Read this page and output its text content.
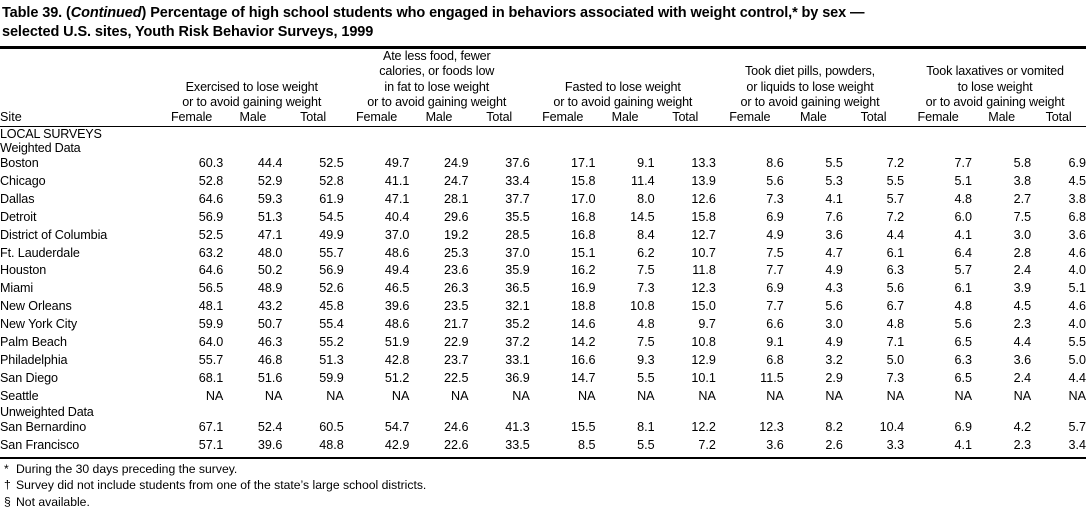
Table 39. (Continued) Percentage of high school students who engaged in behaviors associated with weight control,* by sex —
selected U.S. sites, Youth Risk Behavior Surveys, 1999

Exercised to lose weight
or to avoid gaining weight

Ate less food, fewer
calories, or foods low
in fat to lose weight
or to avoid gaining weight

Fasted to lose weight
or to avoid gaining weight

Took diet pills, powders,
or liquids to lose weight
or to avoid gaining weight

Took laxatives or vomited
to lose weight
or to avoid gaining weight

Site	Female	Male	Total	Female	Male	Total	Female	Male	Total	Female	Male	Total	Female	Male	Total

LOCAL SURVEYS															
Weighted Data															
Boston	60.3	44.4	52.5	49.7	24.9	37.6	17.1	9.1	13.3	8.6	5.5	7.2	7.7	5.8	6.9
Chicago	52.8	52.9	52.8	41.1	24.7	33.4	15.8	11.4	13.9	5.6	5.3	5.5	5.1	3.8	4.5
Dallas	64.6	59.3	61.9	47.1	28.1	37.7	17.0	8.0	12.6	7.3	4.1	5.7	4.8	2.7	3.8
Detroit	56.9	51.3	54.5	40.4	29.6	35.5	16.8	14.5	15.8	6.9	7.6	7.2	6.0	7.5	6.8
District of Columbia	52.5	47.1	49.9	37.0	19.2	28.5	16.8	8.4	12.7	4.9	3.6	4.4	4.1	3.0	3.6
Ft. Lauderdale	63.2	48.0	55.7	48.6	25.3	37.0	15.1	6.2	10.7	7.5	4.7	6.1	6.4	2.8	4.6
Houston	64.6	50.2	56.9	49.4	23.6	35.9	16.2	7.5	11.8	7.7	4.9	6.3	5.7	2.4	4.0
Miami	56.5	48.9	52.6	46.5	26.3	36.5	16.9	7.3	12.3	6.9	4.3	5.6	6.1	3.9	5.1
New Orleans	48.1	43.2	45.8	39.6	23.5	32.1	18.8	10.8	15.0	7.7	5.6	6.7	4.8	4.5	4.6
New York City	59.9	50.7	55.4	48.6	21.7	35.2	14.6	4.8	9.7	6.6	3.0	4.8	5.6	2.3	4.0
Palm Beach	64.0	46.3	55.2	51.9	22.9	37.2	14.2	7.5	10.8	9.1	4.9	7.1	6.5	4.4	5.5
Philadelphia	55.7	46.8	51.3	42.8	23.7	33.1	16.6	9.3	12.9	6.8	3.2	5.0	6.3	3.6	5.0
San Diego	68.1	51.6	59.9	51.2	22.5	36.9	14.7	5.5	10.1	11.5	2.9	7.3	6.5	2.4	4.4
Seattle	NA	NA	NA	NA	NA	NA	NA	NA	NA	NA	NA	NA	NA	NA	NA
Unweighted Data															
San Bernardino	67.1	52.4	60.5	54.7	24.6	41.3	15.5	8.1	12.2	12.3	8.2	10.4	6.9	4.2	5.7
San Francisco	57.1	39.6	48.8	42.9	22.6	33.5	8.5	5.5	7.2	3.6	2.6	3.3	4.1	2.3	3.4
* During the 30 days preceding the survey.
† Survey did not include students from one of the state’s large school districts.
§ Not available.
